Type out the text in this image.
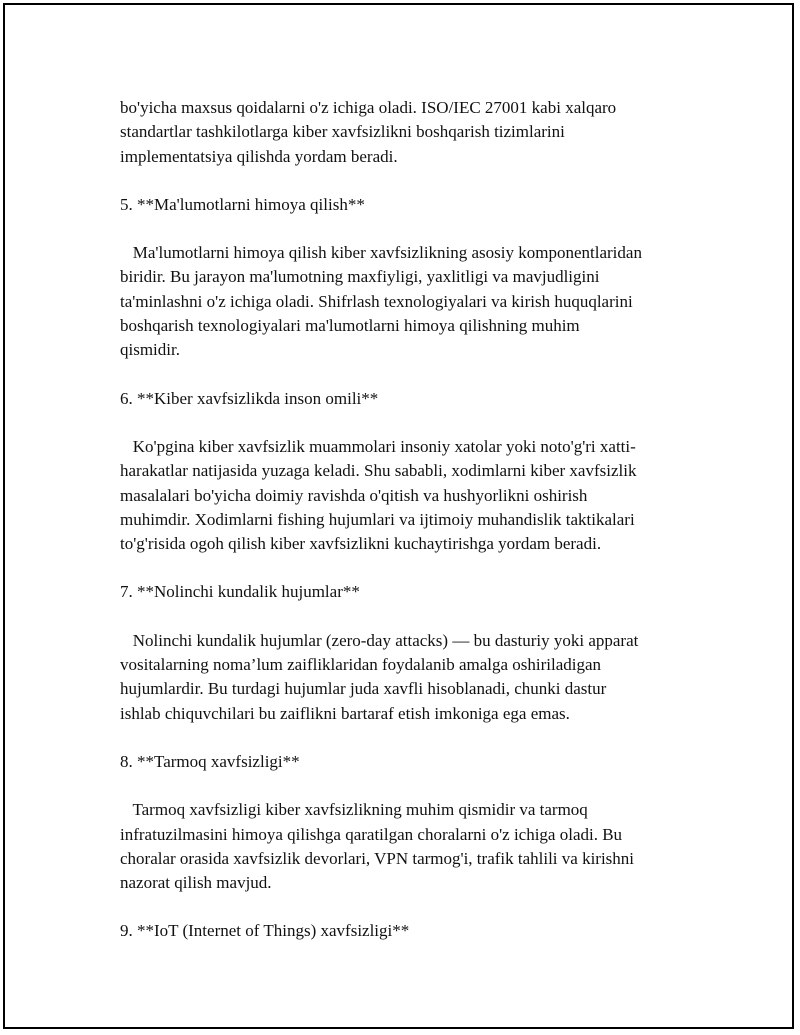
bo'yicha maxsus qoidalarni o'z ichiga oladi. ISO/IEC 27001 kabi xalqaro
standartlar tashkilotlarga kiber xavfsizlikni boshqarish tizimlarini
implementatsiya qilishda yordam beradi.

5. **Ma'lumotlarni himoya qilish**

Ma'lumotlarni himoya qilish kiber xavfsizlikning asosiy komponentlaridan
biridir. Bu jarayon ma'lumotning maxfiyligi, yaxlitligi va mavjudligini
ta'minlashni o'z ichiga oladi. Shifrlash texnologiyalari va kirish huquqlarini
boshqarish texnologiyalari ma'lumotlarni himoya qilishning muhim
qismidir.

6. **Kiber xavfsizlikda inson omili**

Ko'pgina kiber xavfsizlik muammolari insoniy xatolar yoki noto'g'ri xatti-
harakatlar natijasida yuzaga keladi. Shu sababli, xodimlarni kiber xavfsizlik
masalalari bo'yicha doimiy ravishda o'qitish va hushyorlikni oshirish
muhimdir. Xodimlarni fishing hujumlari va ijtimoiy muhandislik taktikalari
to'g'risida ogoh qilish kiber xavfsizlikni kuchaytirishga yordam beradi.

7. **Nolinchi kundalik hujumlar**

Nolinchi kundalik hujumlar (zero-day attacks) — bu dasturiy yoki apparat
vositalarning noma’lum zaifliklaridan foydalanib amalga oshiriladigan
hujumlardir. Bu turdagi hujumlar juda xavfli hisoblanadi, chunki dastur
ishlab chiquvchilari bu zaiflikni bartaraf etish imkoniga ega emas.

8. **Tarmoq xavfsizligi**

Tarmoq xavfsizligi kiber xavfsizlikning muhim qismidir va tarmoq
infratuzilmasini himoya qilishga qaratilgan choralarni o'z ichiga oladi. Bu
choralar orasida xavfsizlik devorlari, VPN tarmog'i, trafik tahlili va kirishni
nazorat qilish mavjud.

9. **IoT (Internet of Things) xavfsizligi**
